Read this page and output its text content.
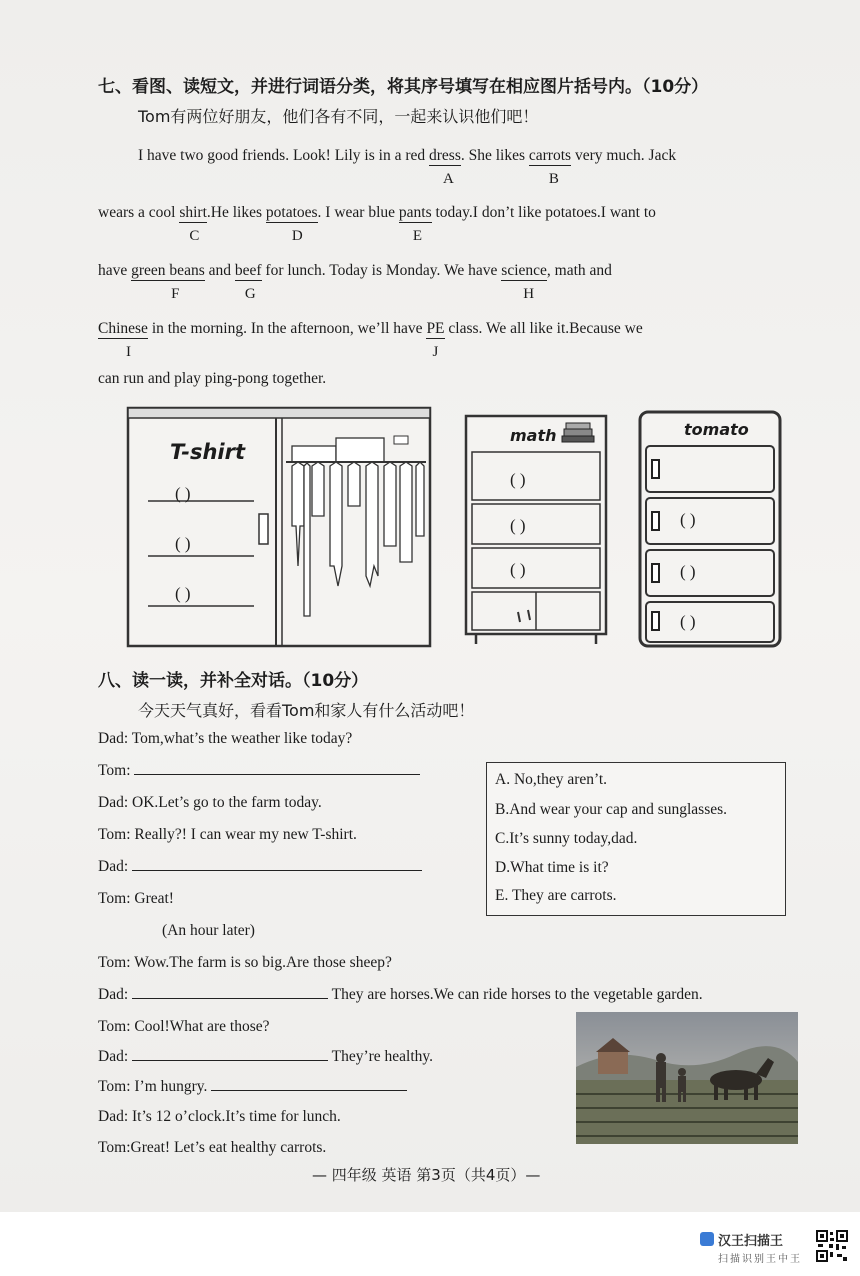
七、看图、读短文，并进行词语分类，将其序号填写在相应图片括号内。（10分）
Tom有两位好朋友，他们各有不同，一起来认识他们吧！
I have two good friends. Look! Lily is in a red dress
A
. She likes carrots
B
very much. Jack
wears a cool shirt
C
.He likes potatoes
D
. I wear blue pants
E
today.I don’t like potatoes.I want to
have green beans
F
and beef
G
for lunch. Today is Monday. We have science
H
, math and
Chinese
I
in the morning. In the afternoon, we’ll have PE
J
class. We all like it.Because we
can run and play ping-pong together.
T-shirt
( )
( )
( )
math
( )
( )
( )
tomato
( )
( )
( )
八、读一读，并补全对话。（10分）
今天天气真好，看看Tom和家人有什么活动吧！
Dad: Tom,what’s the weather like today?
Tom:
Dad: OK.Let’s go to the farm today.
Tom: Really?! I can wear my new T-shirt.
Dad:
Tom: Great!
(An hour later)
Tom: Wow.The farm is so big.Are those sheep?
Dad:	They are horses.We can ride horses to the vegetable garden.
Tom: Cool!What are those?
Dad:	They’re healthy.
Tom: I’m hungry.
Dad: It’s 12 o’clock.It’s time for lunch.
Tom:Great! Let’s eat healthy carrots.
A. No,they aren’t.
B.And wear your cap and sunglasses.
C.It’s sunny today,dad.
D.What time is it?
E. They are carrots.
— 四年级 英语 第3页（共4页）—
汉王扫描王
扫描识别王中王
